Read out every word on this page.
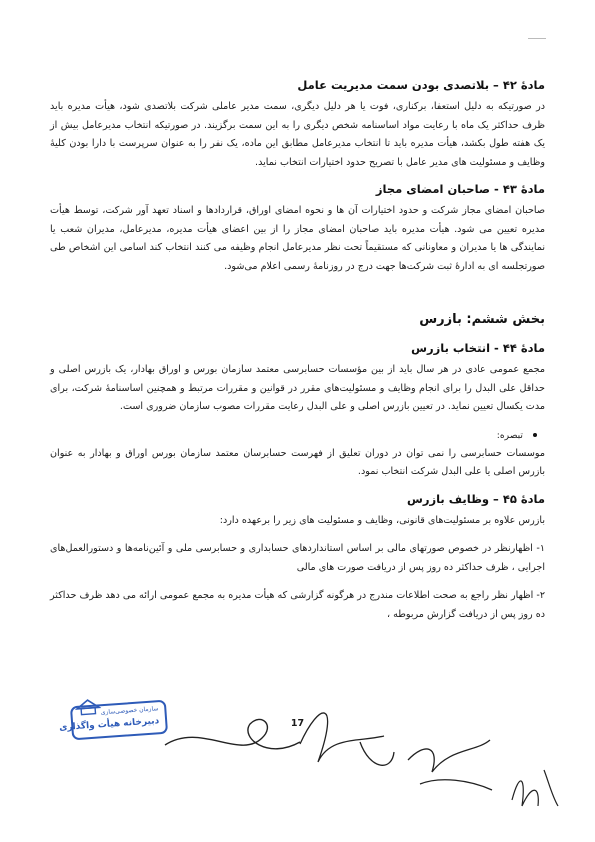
مادهٔ ۴۲ – بلاتصدی بودن سمت مدیریت عامل

در صورتیکه به دلیل استعفا، برکناری، فوت یا هر دلیل دیگری، سمت مدیر عاملی شرکت بلاتصدی شود، هیأت مدیره باید ظرف حداکثر یک ماه با رعایت مواد اساسنامه شخص دیگری را به این سمت برگزیند. در صورتیکه انتخاب مدیرعامل بیش از یک هفته طول بکشد، هیأت مدیره باید تا انتخاب مدیرعامل مطابق این ماده، یک نفر را به عنوان سرپرست با دارا بودن کلیهٔ وظایف و مسئولیت های مدیر عامل با تصریح حدود اختیارات انتخاب نماید.

مادهٔ ۴۳ - صاحبان امضای مجاز

صاحبان امضای مجاز شرکت و حدود اختیارات آن ها و نحوه امضای اوراق، قراردادها و اسناد تعهد آور شرکت، توسط هیأت مدیره تعیین می شود. هیأت مدیره باید صاحبان امضای مجاز را از بین اعضای هیأت مدیره، مدیرعامل، مدیران شعب یا نمایندگی ها یا مدیران و معاونانی که مستقیماً تحت نظر مدیرعامل انجام وظیفه می کنند انتخاب کند اسامی این اشخاص طی صورتجلسه ای به ادارهٔ ثبت شرکت‌ها جهت درج در روزنامهٔ رسمی اعلام می‌شود.

بخش ششم: بازرس
مادهٔ ۴۴ - انتخاب بازرس

مجمع عمومی عادی در هر سال باید از بین مؤسسات حسابرسی معتمد سازمان بورس و اوراق بهادار، یک بازرس اصلی و حداقل علی البدل را برای انجام وظایف و مسئولیت‌های مقرر در قوانین و مقررات مرتبط و همچنین اساسنامهٔ شرکت، برای مدت یکسال تعیین نماید. در تعیین بازرس اصلی و علی البدل رعایت مقررات مصوب سازمان ضروری است.

تبصره:

موسسات حسابرسی را نمی توان در دوران تعلیق از فهرست حسابرسان معتمد سازمان بورس اوراق و بهادار به عنوان بازرس اصلی یا علی البدل شرکت انتخاب نمود.

مادهٔ ۴۵ – وظایف بازرس

بازرس علاوه بر مسئولیت‌های قانونی، وظایف و مسئولیت های زیر را برعهده دارد:

۱- اظهارنظر در خصوص صورتهای مالی بر اساس استانداردهای حسابداری و حسابرسی ملی و آئین‌نامه‌ها و دستورالعمل‌های اجرایی ، ظرف حداکثر ده روز پس از دریافت صورت های مالی

۲- اظهار نظر راجع به صحت اطلاعات مندرج در هرگونه گزارشی که هیأت مدیره به مجمع عمومی ارائه می دهد ظرف حداکثر ده روز پس از دریافت گزارش مربوطه ،

17
سازمان خصوصی‌سازی
دبیرخانه هیأت واگذاری
